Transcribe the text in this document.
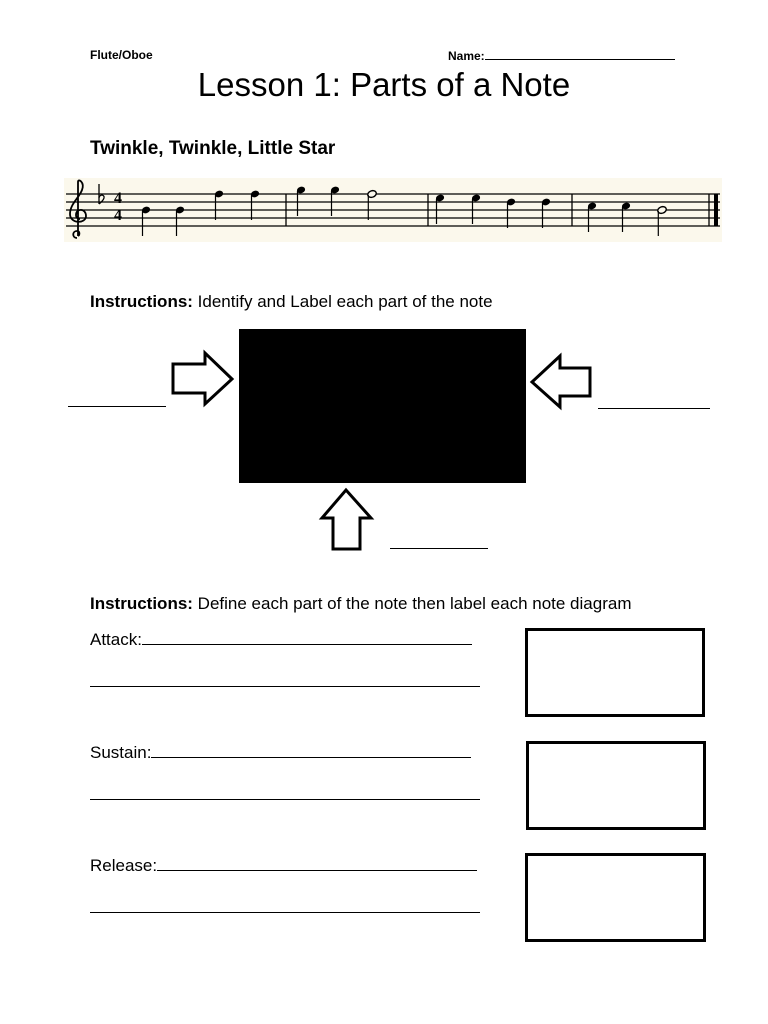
Flute/Oboe	Name:
Lesson 1: Parts of a Note
Twinkle, Twinkle, Little Star
4
4
Instructions: Identify and Label each part of the note
Instructions: Define each part of the note then label each note diagram
Attack:
Sustain:
Release:
